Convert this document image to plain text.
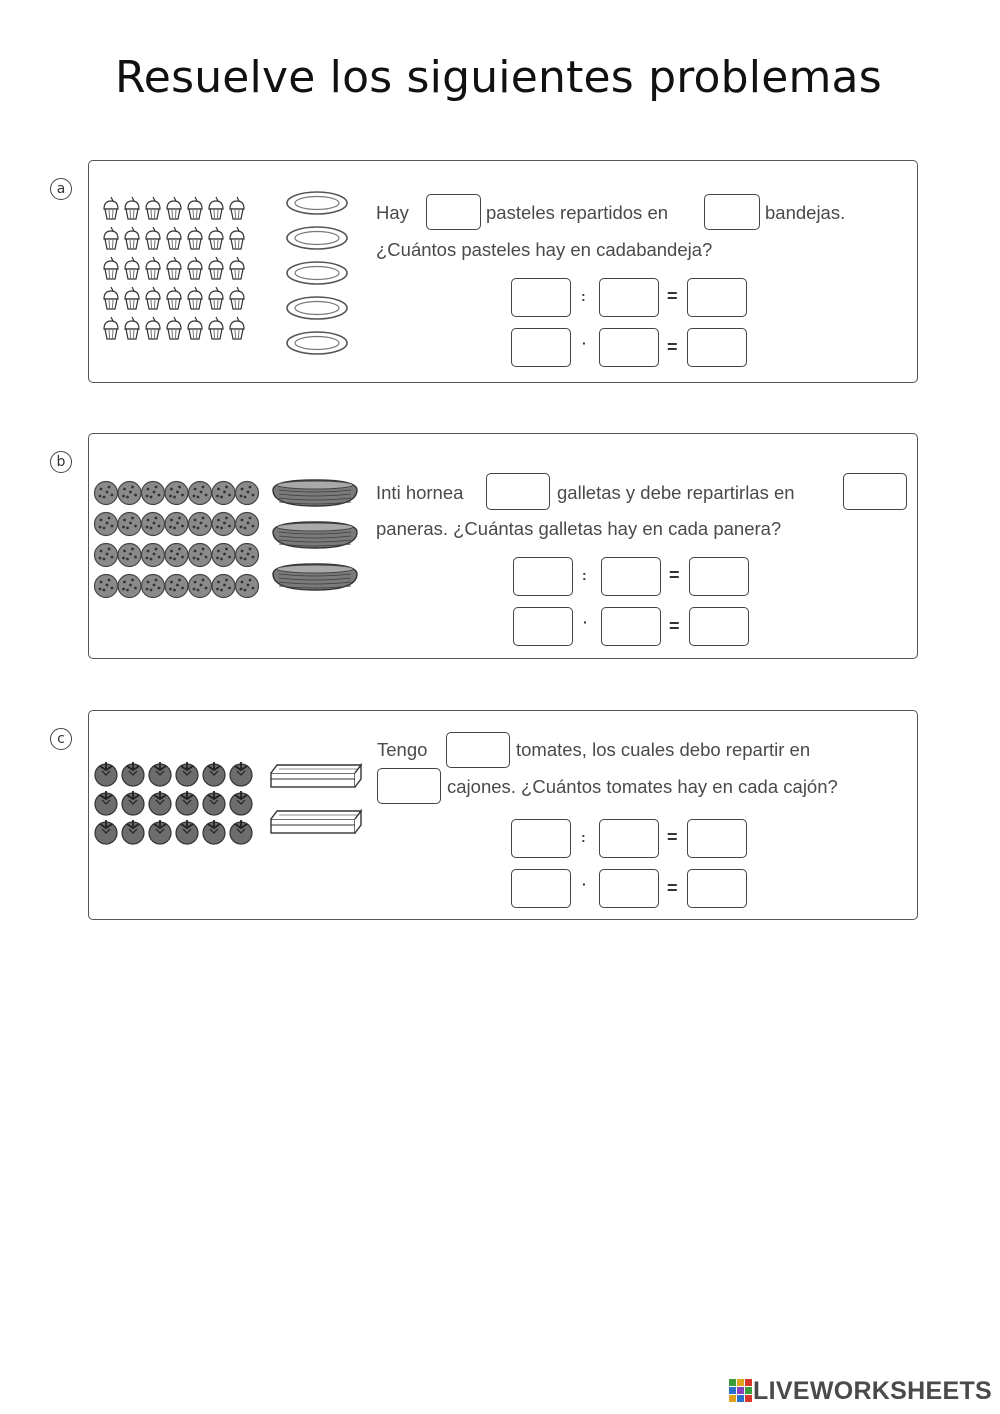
Resuelve los siguientes problemas
a
Hay	pasteles repartidos en	bandejas.
¿Cuántos pasteles hay en cadabandeja?
:	=
·	=
b
Inti hornea	galletas y debe repartirlas en
paneras. ¿Cuántas galletas hay en cada panera?
:	=
·	=
c	Tengo	tomates, los cuales debo repartir en
cajones. ¿Cuántos tomates hay en cada cajón?
:	=
·	=
LIVEWORKSHEETS
